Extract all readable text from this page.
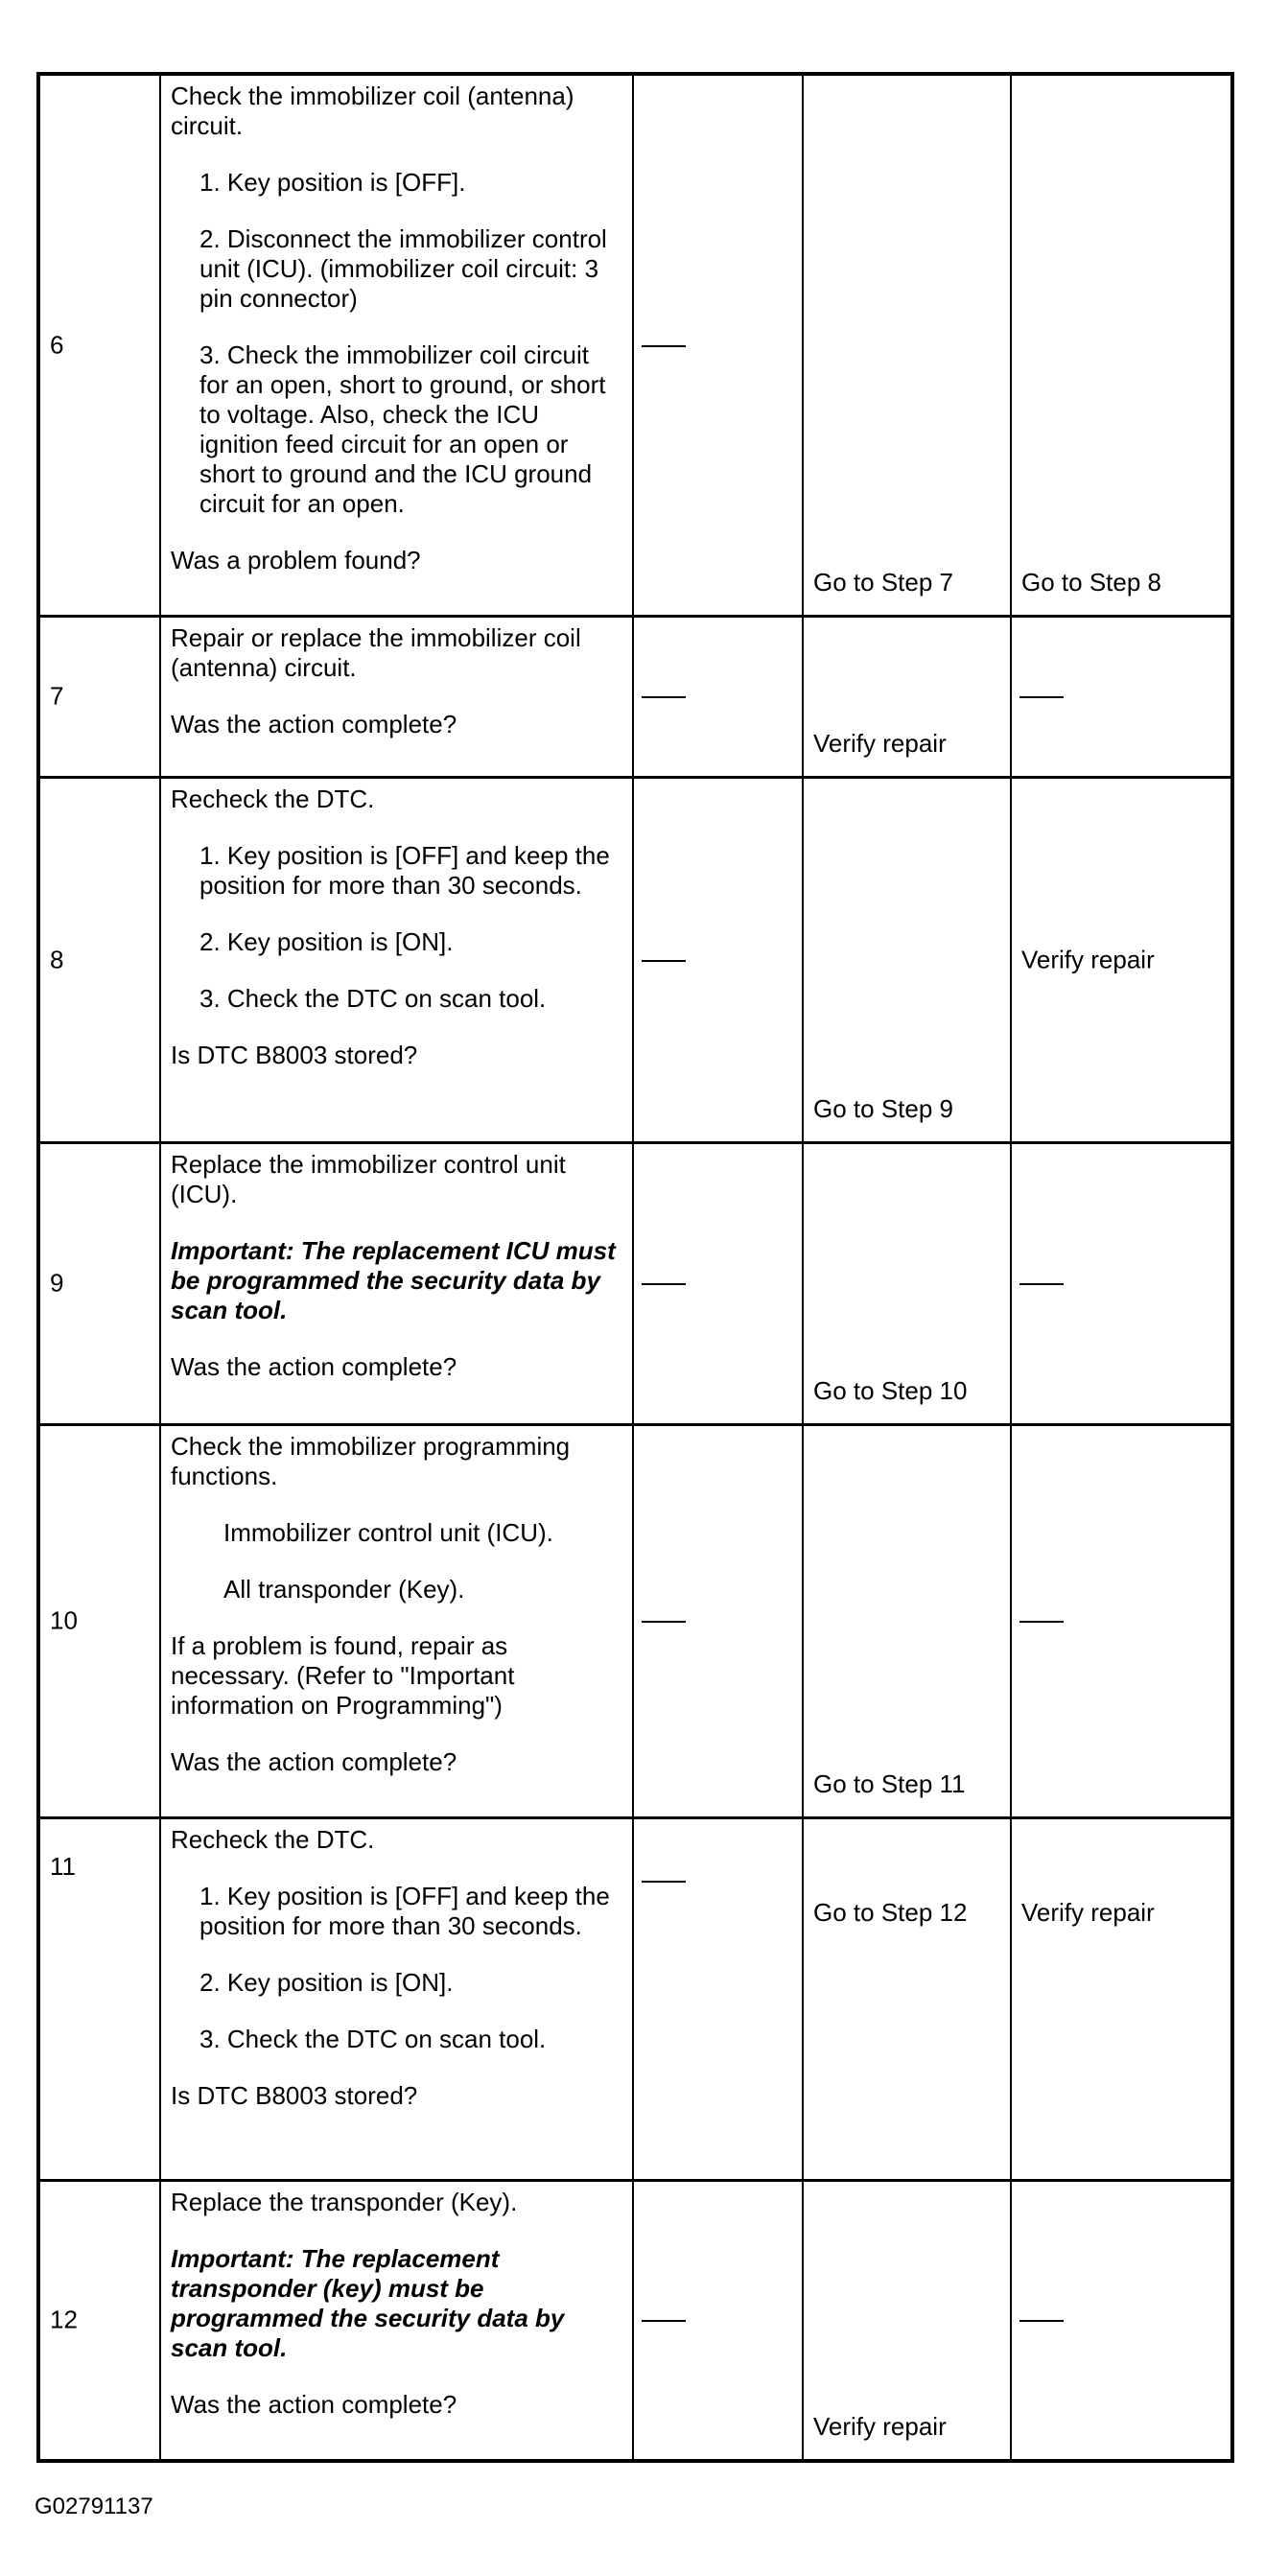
6	Check the immobilizer coil (antenna) circuit.

1. Key position is [OFF].

2. Disconnect the immobilizer control unit (ICU). (immobilizer coil circuit: 3 pin connector)

3. Check the immobilizer coil circuit for an open, short to ground, or short to voltage. Also, check the ICU ignition feed circuit for an open or short to ground and the ICU ground circuit for an open.

Was a problem found?		Go to Step 7	Go to Step 8

7	Repair or replace the immobilizer coil (antenna) circuit.

Was the action complete?		Verify repair	

8	Recheck the DTC.

1. Key position is [OFF] and keep the position for more than 30 seconds.

2. Key position is [ON].

3. Check the DTC on scan tool.

Is DTC B8003 stored?		Go to Step 9	Verify repair

9	Replace the immobilizer control unit (ICU).

Important: The replacement ICU must be programmed the security data by scan tool.

Was the action complete?		Go to Step 10	

10	Check the immobilizer programming functions.

Immobilizer control unit (ICU).

All transponder (Key).

If a problem is found, repair as necessary. (Refer to "Important information on Programming")

Was the action complete?		Go to Step 11	

11	Recheck the DTC.

1. Key position is [OFF] and keep the position for more than 30 seconds.

2. Key position is [ON].

3. Check the DTC on scan tool.

Is DTC B8003 stored?		Go to Step 12	Verify repair

12	Replace the transponder (Key).

Important: The replacement transponder (key) must be programmed the security data by scan tool.

Was the action complete?		Verify repair	

G02791137
